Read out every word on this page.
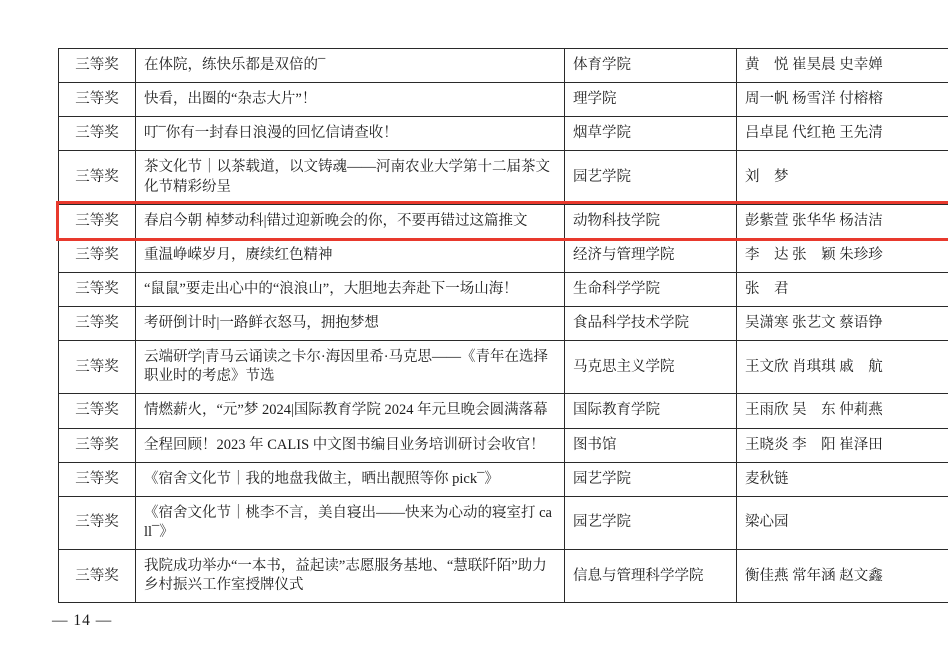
三等奖	在体院，练快乐都是双倍的¯	体育学院	黄　悦 崔昊晨 史幸婵
三等奖	快看，出圈的“杂志大片”！	理学院	周一帆 杨雪洋 付榕榕
三等奖	叮¯你有一封春日浪漫的回忆信请查收！	烟草学院	吕卓昆 代红艳 王先清
三等奖	茶文化节｜以茶载道，以文铸魂——河南农业大学第十二届茶文化节精彩纷呈	园艺学院	刘　梦
三等奖	春启今朝 棹梦动科|错过迎新晚会的你，不要再错过这篇推文	动物科技学院	彭紫萱 张华华 杨洁洁
三等奖	重温峥嵘岁月，赓续红色精神	经济与管理学院	李　达 张　颖 朱珍珍
三等奖	“鼠鼠”要走出心中的“浪浪山”，大胆地去奔赴下一场山海！	生命科学学院	张　君
三等奖	考研倒计时|一路鲜衣怒马，拥抱梦想	食品科学技术学院	吴潇寒 张艺文 蔡语铮
三等奖	云端研学|青马云诵读之卡尔·海因里希·马克思——《青年在选择职业时的考虑》节选	马克思主义学院	王文欣 肖琪琪 戚　航
三等奖	情燃薪火，“元”梦 2024|国际教育学院 2024 年元旦晚会圆满落幕	国际教育学院	王雨欣 吴　东 仲莉燕
三等奖	全程回顾！2023 年 CALIS 中文图书编目业务培训研讨会收官！	图书馆	王晓炎 李　阳 崔泽田
三等奖	《宿舍文化节｜我的地盘我做主，晒出靓照等你 pick¯》	园艺学院	麦秋链
三等奖	《宿舍文化节｜桃李不言，美自寝出——快来为心动的寝室打 call¯》	园艺学院	梁心园
三等奖	我院成功举办“一本书，益起读”志愿服务基地、“慧联阡陌”助力乡村振兴工作室授牌仪式	信息与管理科学学院	衡佳燕 常年涵 赵文鑫
— 14 —
